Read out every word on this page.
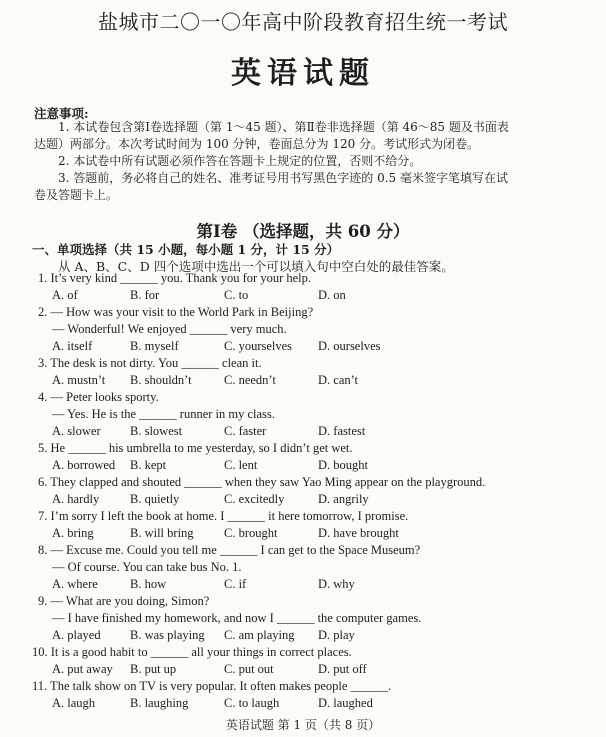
盐城市二〇一〇年高中阶段教育招生统一考试
英语试题
注意事项:
1. 本试卷包含第Ⅰ卷选择题（第 1～45 题）、第Ⅱ卷非选择题（第 46～85 题及书面表
达题）两部分。本次考试时间为 100 分钟，卷面总分为 120 分。考试形式为闭卷。
2. 本试卷中所有试题必须作答在答题卡上规定的位置，否则不给分。
3. 答题前，务必将自己的姓名、准考证号用书写黑色字迹的 0.5 毫米签字笔填写在试
卷及答题卡上。
第Ⅰ卷 （选择题，共 60 分）
一、单项选择（共 15 小题，每小题 1 分，计 15 分）
从 A、B、C、D 四个选项中选出一个可以填入句中空白处的最佳答案。
1. It’s very kind ______ you. Thank you for your help.
A. of	B. for	C. to	D. on
2. — How was your visit to the World Park in Beijing?
— Wonderful! We enjoyed ______ very much.
A. itself	B. myself	C. yourselves D. ourselves
3. The desk is not dirty. You ______ clean it.
A. mustn’t B. shouldn’t	C. needn’t	D. can’t
4. — Peter looks sporty.
— Yes. He is the ______ runner in my class.
A. slower B. slowest	C. faster	D. fastest
5. He ______ his umbrella to me yesterday, so I didn’t get wet.
A. borrowed B. kept	C. lent	D. bought
6. They clapped and shouted ______ when they saw Yao Ming appear on the playground.
A. hardly B. quietly	C. excitedly	D. angrily
7. I’m sorry I left the book at home. I ______ it here tomorrow, I promise.
A. bring	B. will bring C. brought	D. have brought
8. — Excuse me. Could you tell me ______ I can get to the Space Museum?
— Of course. You can take bus No. 1.
A. where	B. how	C. if	D. why
9. — What are you doing, Simon?
— I have finished my homework, and now I ______ the computer games.
A. played B. was playing C. am playing D. play
10. It is a good habit to ______ all your things in correct places.
A. put away B. put up	C. put out	D. put off
11. The talk show on TV is very popular. It often makes people ______.
A. laugh	B. laughing	C. to laugh	D. laughed
英语试题 第 1 页（共 8 页）
